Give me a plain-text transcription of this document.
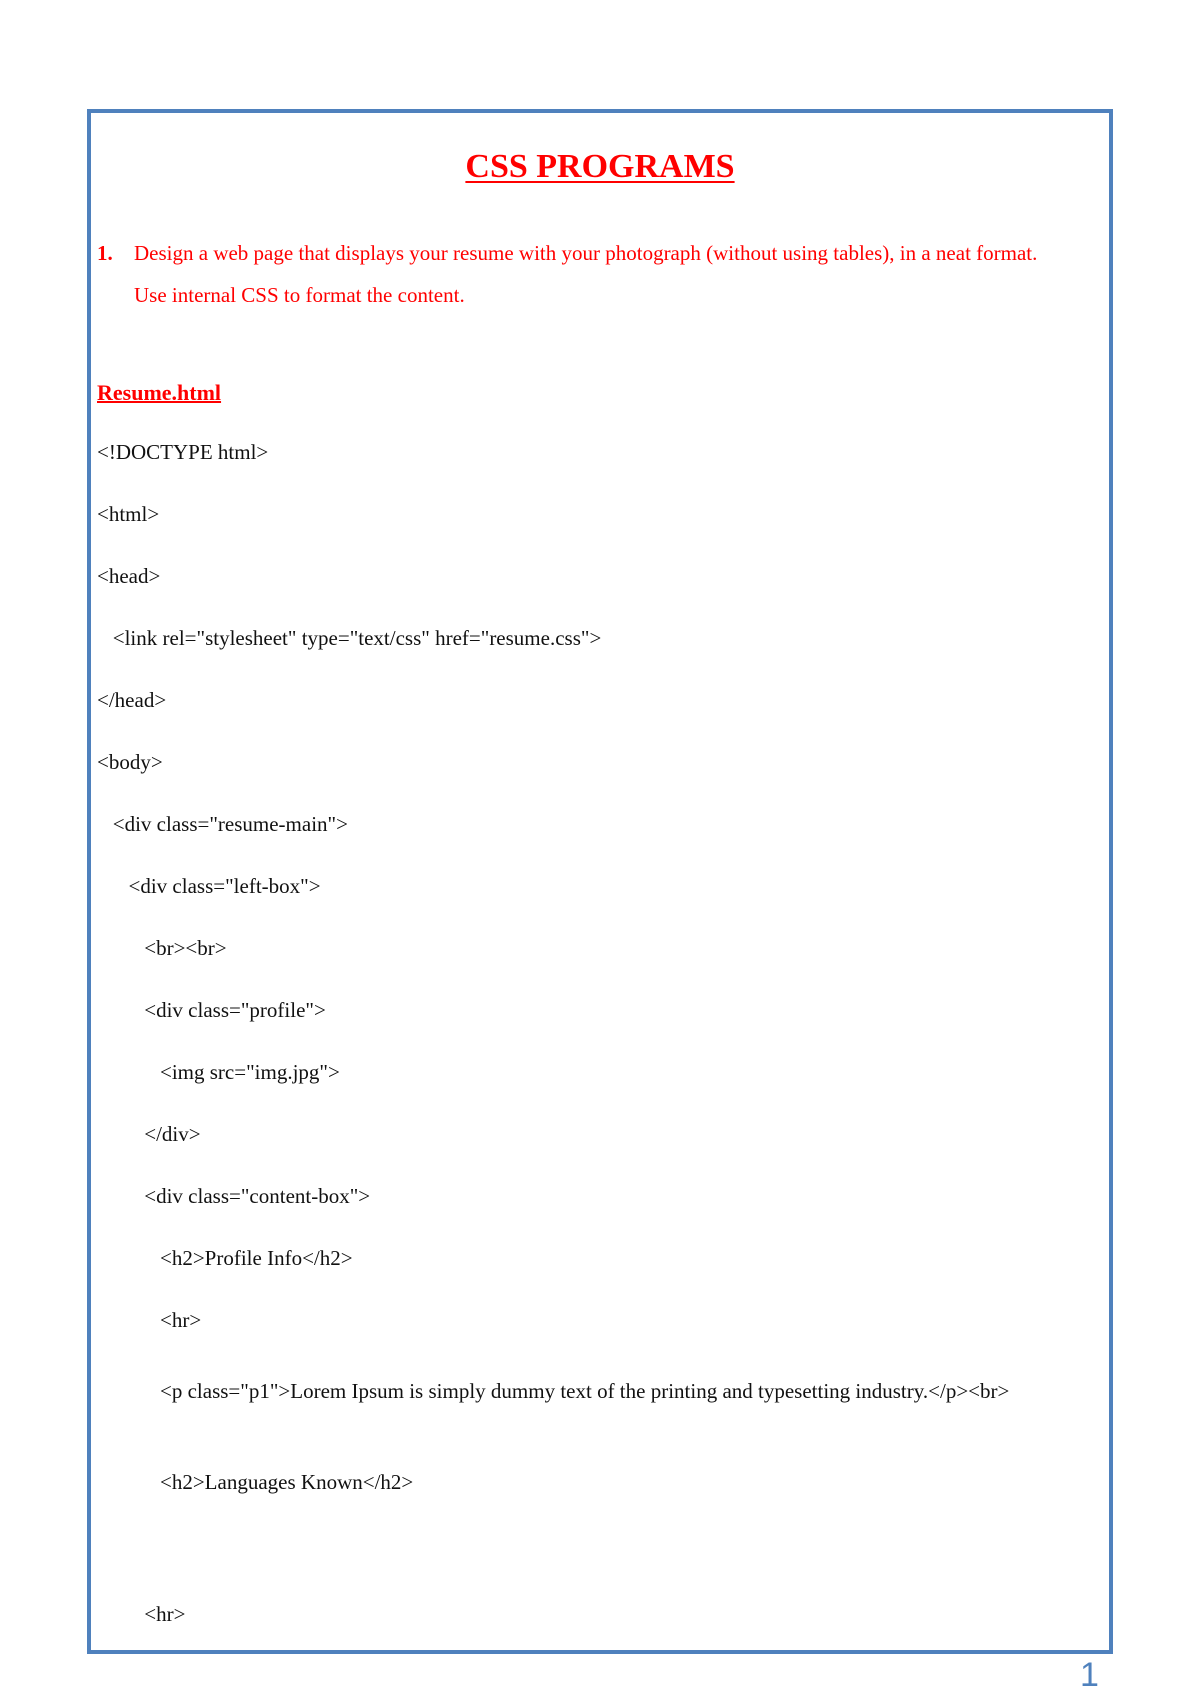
CSS PROGRAMS
1. Design a web page that displays your resume with your photograph (without using tables), in a neat format. Use internal CSS to format the content.
Resume.html
<!DOCTYPE html>
<html>
<head>
<link rel="stylesheet" type="text/css" href="resume.css">
</head>
<body>
<div class="resume-main">
<div class="left-box">
<br><br>
<div class="profile">
<img src="img.jpg">
</div>
<div class="content-box">
<h2>Profile Info</h2>
<hr>
<p class="p1">Lorem Ipsum is simply dummy text of the printing and typesetting industry.</p><br>
<h2>Languages Known</h2>
<hr>
1
